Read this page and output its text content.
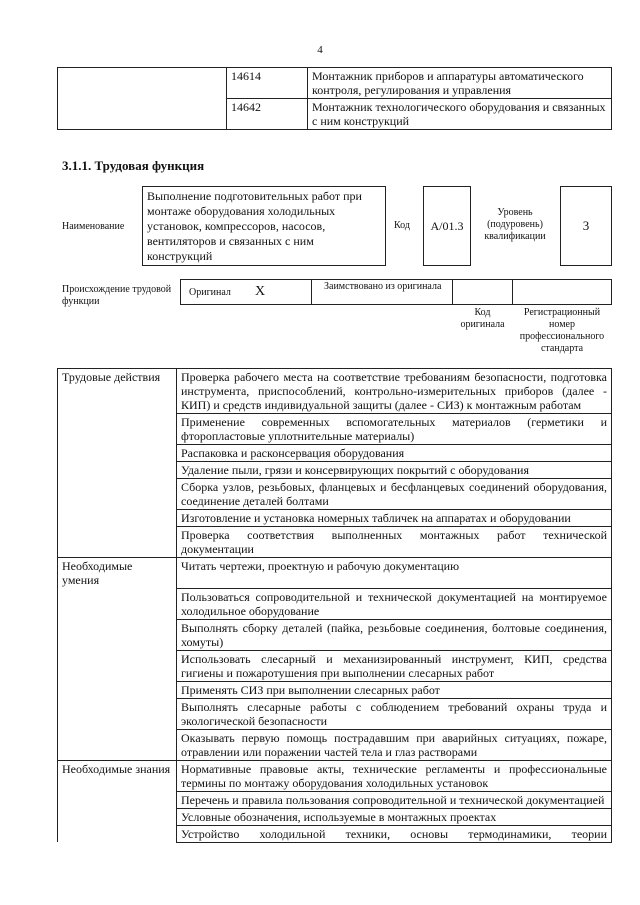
4
	14614	Монтажник приборов и аппаратуры автоматического контроля, регулирования и управления
	14642	Монтажник технологического оборудования и связанных с ним конструкций
3.1.1. Трудовая функция
Наименование
Выполнение подготовительных работ при монтаже оборудования холодильных установок, компрессоров, насосов, вентиляторов и связанных с ним конструкций
Код	A/01.3
Уровень (подуровень) квалификации
3
Происхождение трудовой функции
Оригинал X	Заимствовано из оригинала
Код оригинала
Регистрационный номер профессионального стандарта
Трудовые действия	Проверка рабочего места на соответствие требованиям безопасности, подготовка инструмента, приспособлений, контрольно-измерительных приборов (далее - КИП) и средств индивидуальной защиты (далее - СИЗ) к монтажным работам
	Применение современных вспомогательных материалов (герметики и фторопластовые уплотнительные материалы)
	Распаковка и расконсервация оборудования
	Удаление пыли, грязи и консервирующих покрытий с оборудования
	Сборка узлов, резьбовых, фланцевых и бесфланцевых соединений оборудования, соединение деталей болтами
	Изготовление и установка номерных табличек на аппаратах и оборудовании
	Проверка соответствия выполненных монтажных работ технической документации
Необходимые умения	Читать чертежи, проектную и рабочую документацию
	Пользоваться сопроводительной и технической документацией на монтируемое холодильное оборудование
	Выполнять сборку деталей (пайка, резьбовые соединения, болтовые соединения, хомуты)
	Использовать слесарный и механизированный инструмент, КИП, средства гигиены и пожаротушения при выполнении слесарных работ
	Применять СИЗ при выполнении слесарных работ
	Выполнять слесарные работы с соблюдением требований охраны труда и экологической безопасности
	Оказывать первую помощь пострадавшим при аварийных ситуациях, пожаре, отравлении или поражении частей тела и глаз растворами
Необходимые знания	Нормативные правовые акты, технические регламенты и профессиональные термины по монтажу оборудования холодильных установок
	Перечень и правила пользования сопроводительной и технической документацией
	Условные обозначения, используемые в монтажных проектах
	Устройство холодильной техники, основы термодинамики, теории
